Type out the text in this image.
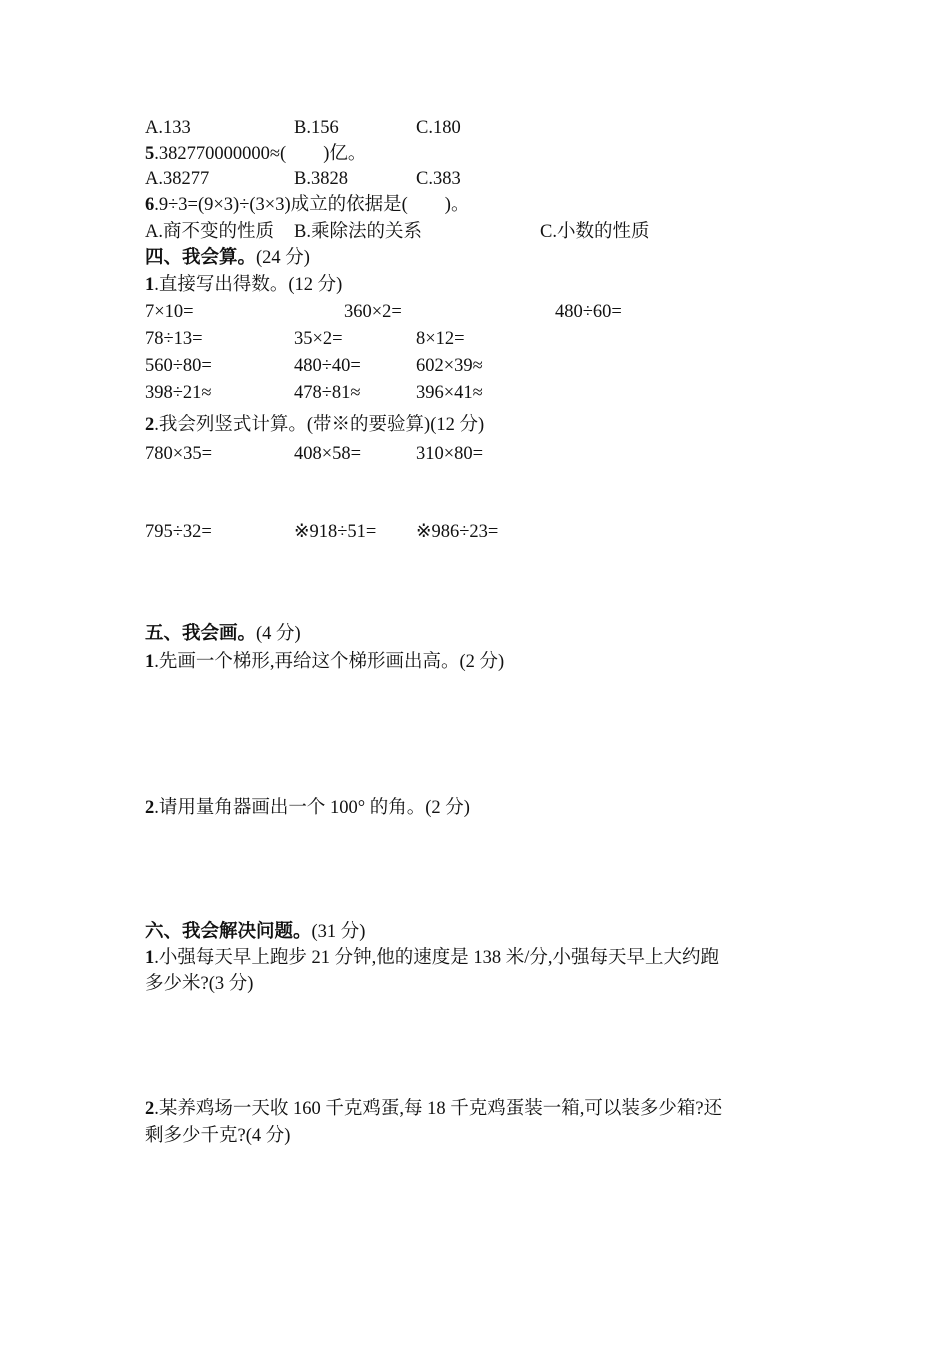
A.133	B.156	C.180
5.382770000000≈(　　)亿。
A.38277	B.3828	C.383
6.9÷3=(9×3)÷(3×3)成立的依据是(　　)。
A.商不变的性质 B.乘除法的关系	C.小数的性质
四、我会算。(24 分)
1.直接写出得数。(12 分)
7×10=	360×2=	480÷60=
78÷13=	35×2=	8×12=
560÷80=	480÷40=	602×39≈
398÷21≈	478÷81≈	396×41≈
2.我会列竖式计算。(带※的要验算)(12 分)
780×35=	408×58=	310×80=
795÷32=	※918÷51= ※986÷23=
五、我会画。(4 分)
1.先画一个梯形,再给这个梯形画出高。(2 分)
2.请用量角器画出一个 100° 的角。(2 分)
六、我会解决问题。(31 分)
1.小强每天早上跑步 21 分钟,他的速度是 138 米/分,小强每天早上大约跑
多少米?(3 分)
2.某养鸡场一天收 160 千克鸡蛋,每 18 千克鸡蛋装一箱,可以装多少箱?还
剩多少千克?(4 分)
